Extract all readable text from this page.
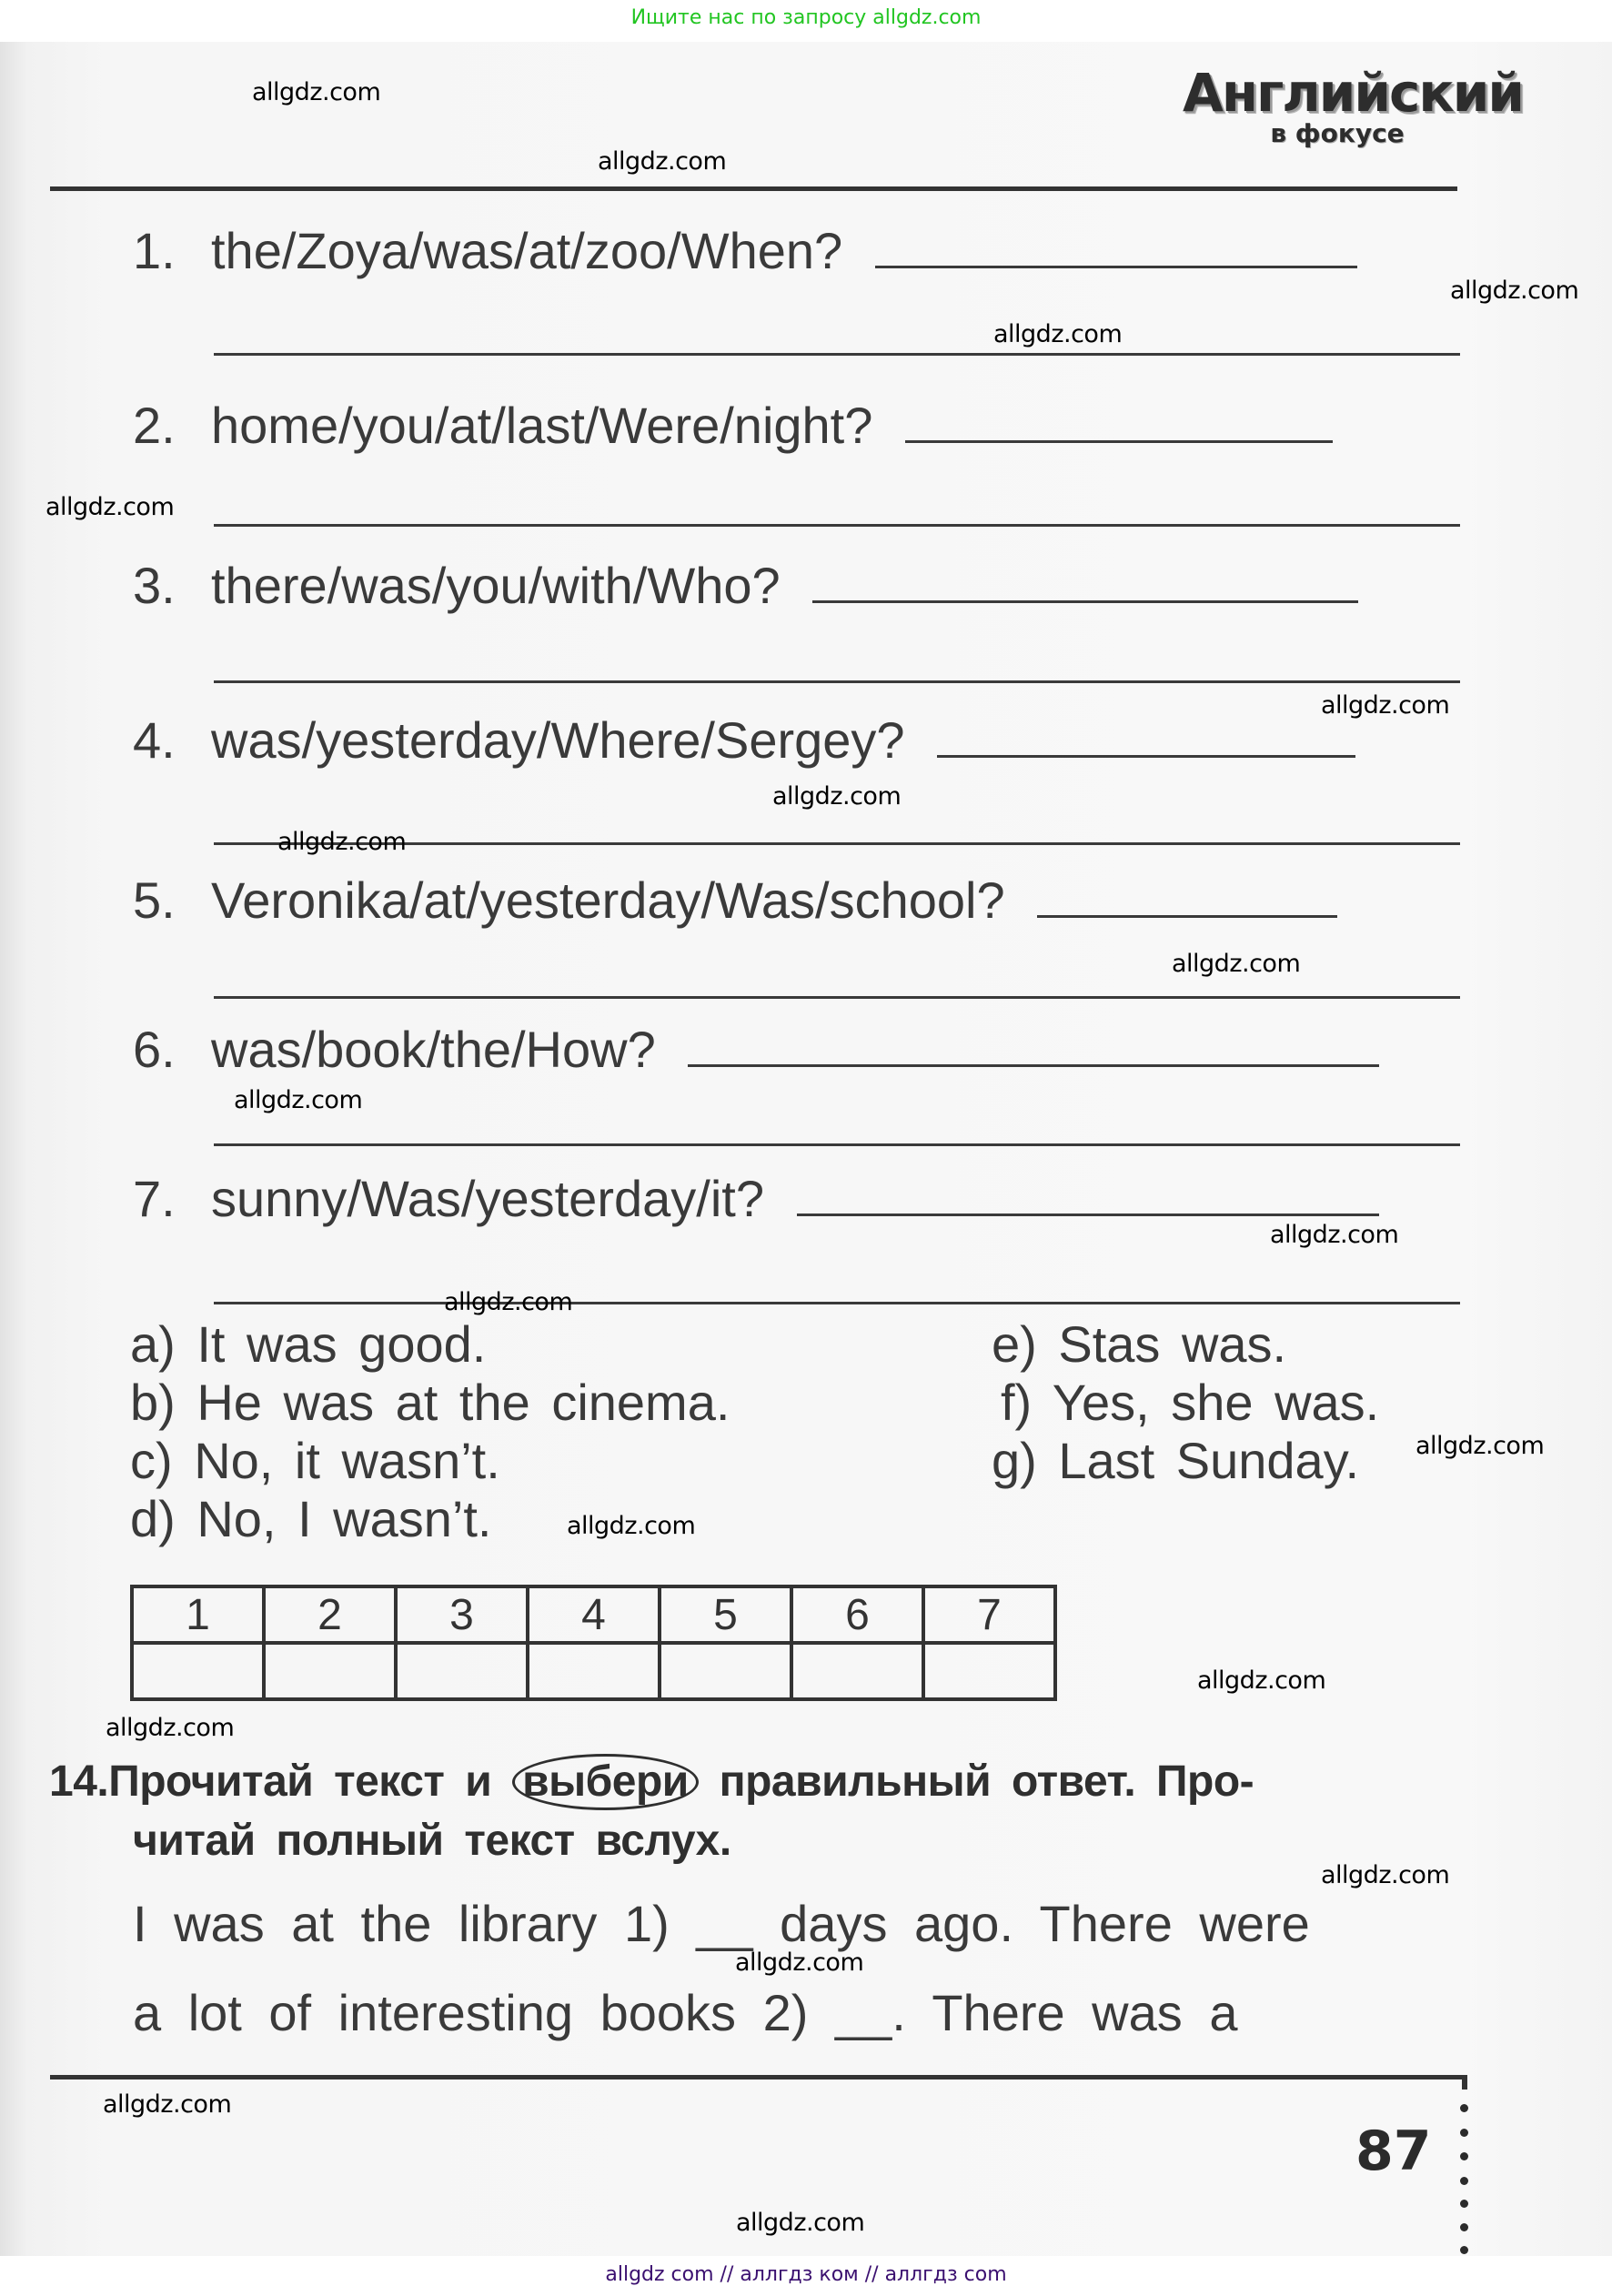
Ищите нас по запросу allgdz.com
Английский
в фокусе
1. the/Zoya/was/at/zoo/When?
2. home/you/at/last/Were/night?
3. there/was/you/with/Who?
4. was/yesterday/Where/Sergey?
5. Veronika/at/yesterday/Was/school?
6. was/book/the/How?
7. sunny/Was/yesterday/it?
a) It was good.
b) He was at the cinema.
c) No, it wasn’t.
d) No, I wasn’t.
e) Stas was.
f) Yes, she was.
g) Last Sunday.
1	2	3	4	5	6	7

14.Прочитай текст и выбери правильный ответ. Про-
читай полный текст вслух.
I was at the library 1) __ days ago. There were
a lot of interesting books 2) __. There was a
87
allgdz.com
allgdz.com
allgdz.com
allgdz.com
allgdz.com
allgdz.com
allgdz.com
allgdz.com
allgdz.com
allgdz.com
allgdz.com
allgdz.com
allgdz.com
allgdz.com
allgdz.com
allgdz.com
allgdz.com
allgdz.com
allgdz.com
allgdz.com
allgdz com // аллгдз ком // аллгдз com
